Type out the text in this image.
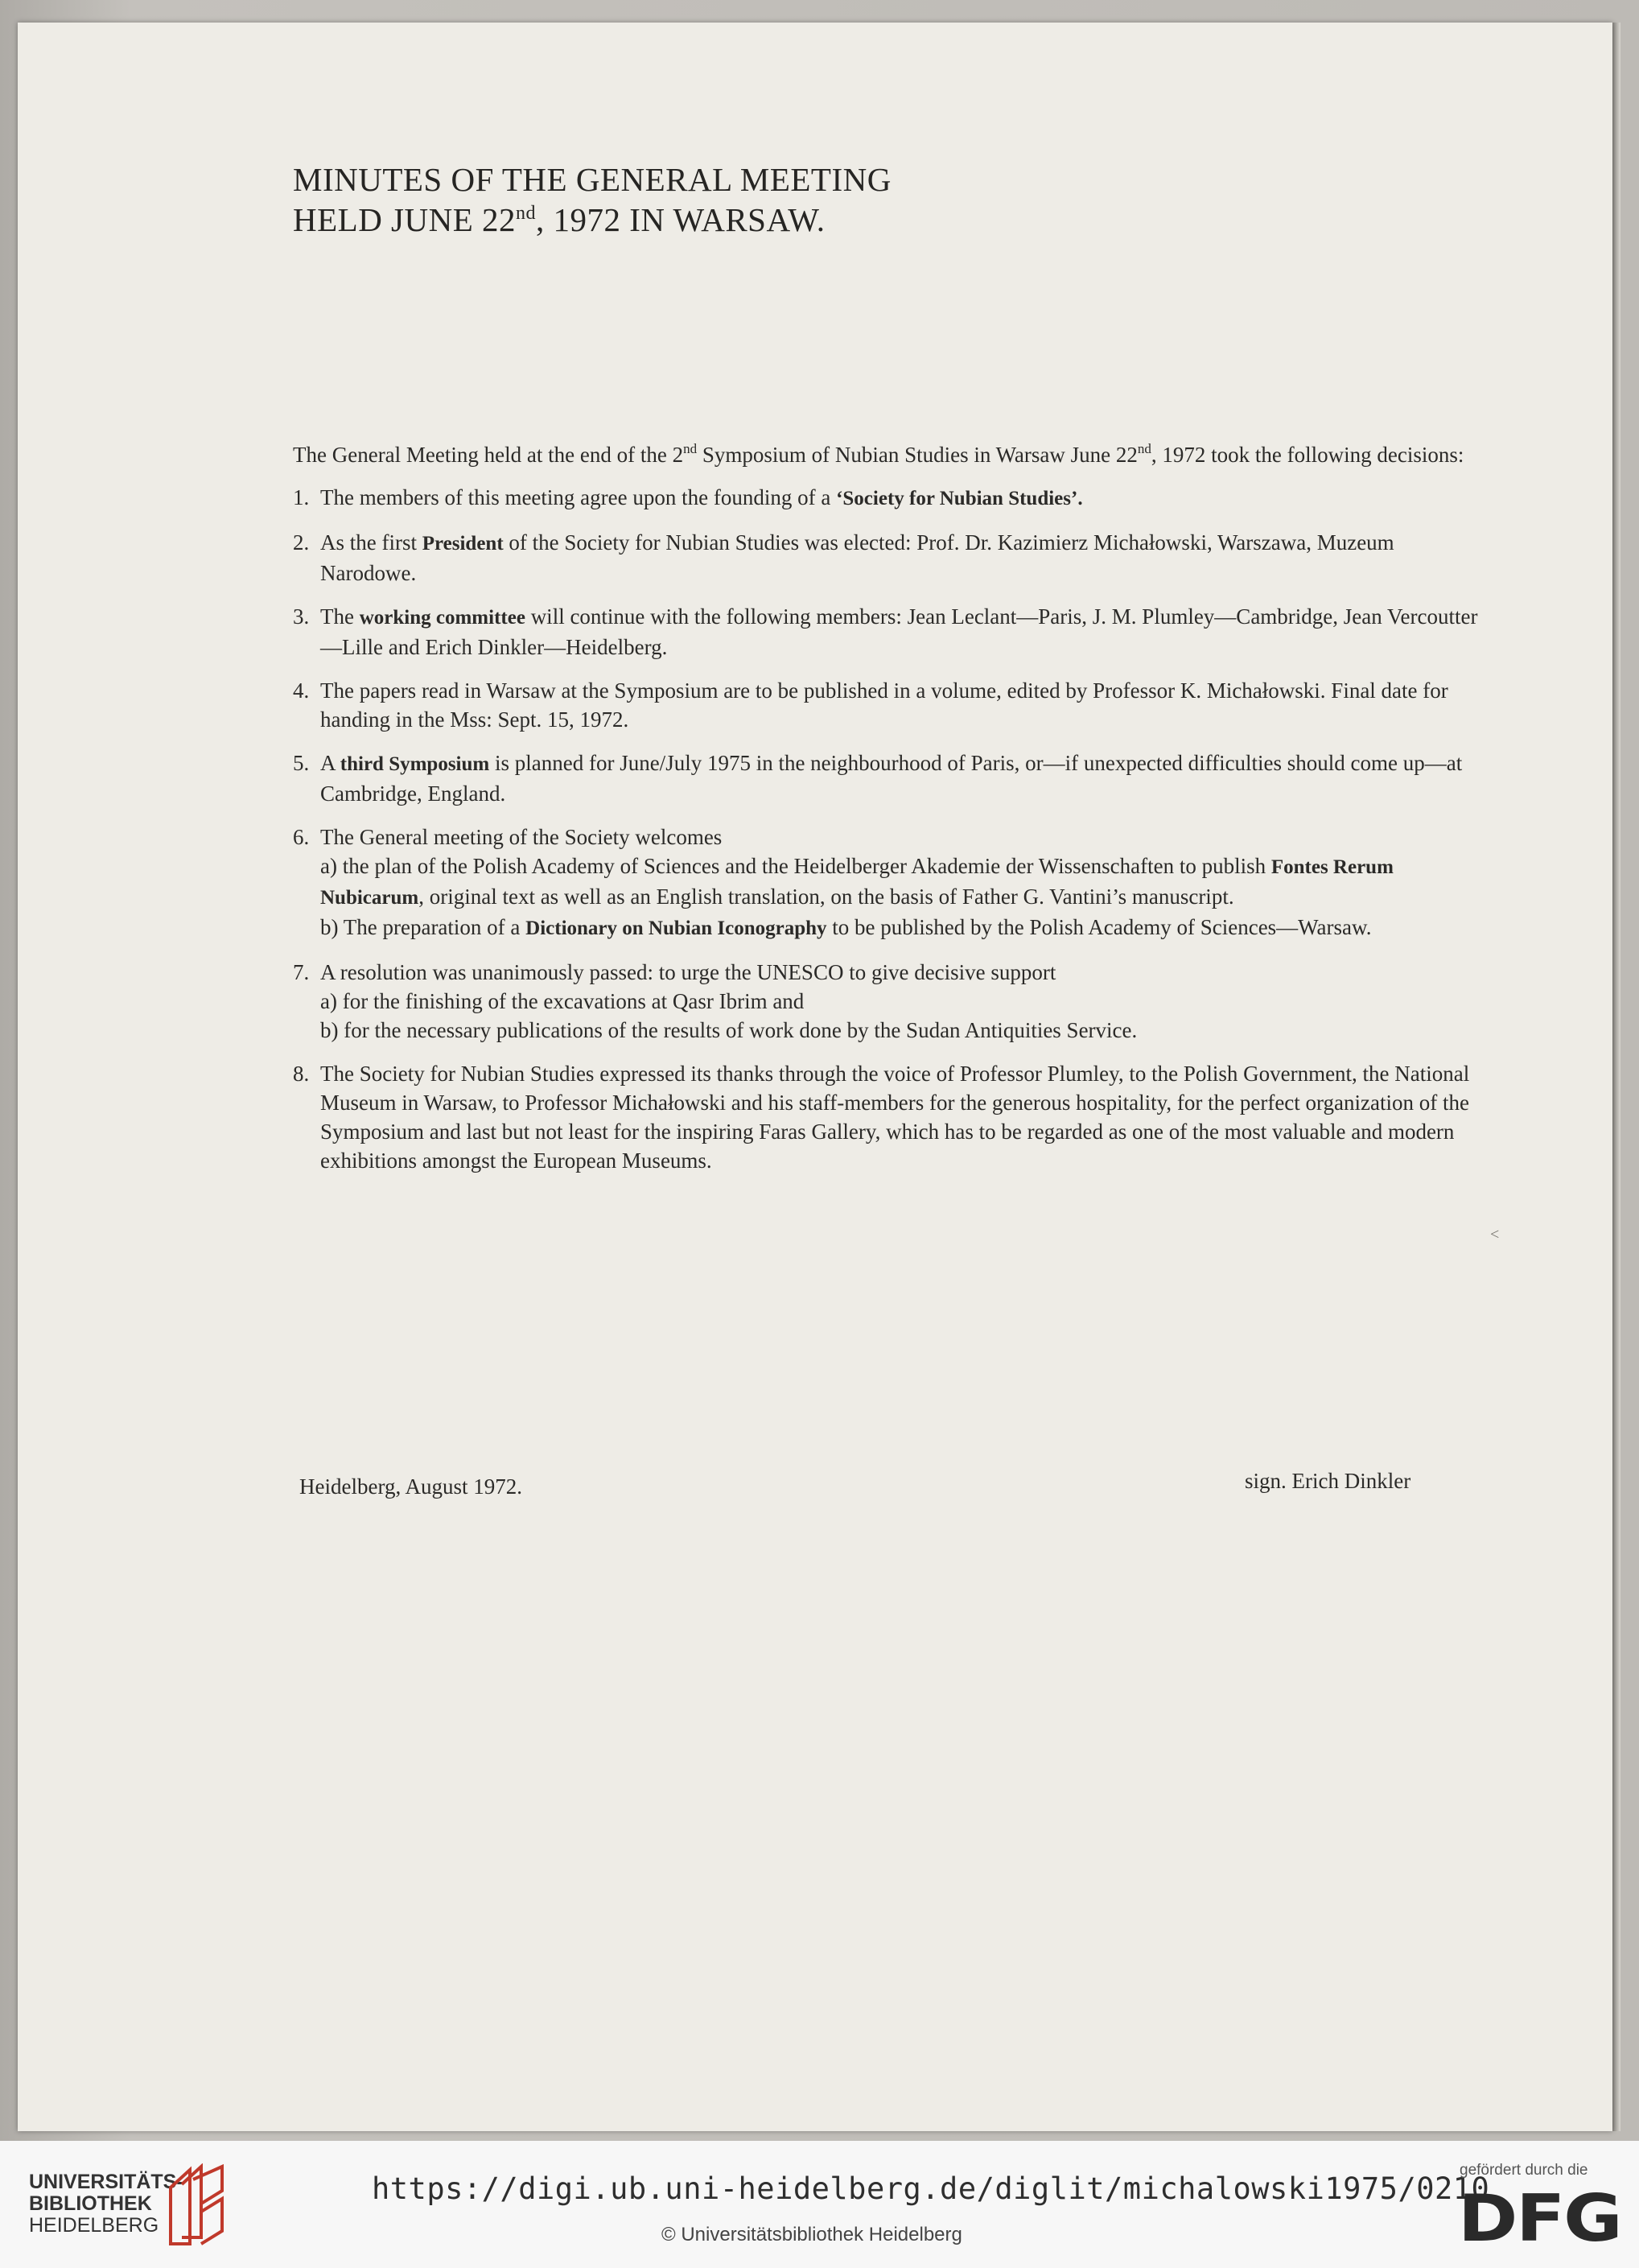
MINUTES OF THE GENERAL MEETING
HELD JUNE 22nd, 1972 IN WARSAW.

The General Meeting held at the end of the 2nd Symposium of Nubian Studies in Warsaw June 22nd, 1972 took the following decisions:

1. The members of this meeting agree upon the founding of a ‘Society for Nubian Studies’.
2. As the first President of the Society for Nubian Studies was elected: Prof. Dr. Kazimierz Michałowski, Warszawa, Muzeum Narodowe.
3. The working committee will continue with the following members: Jean Leclant—Paris, J. M. Plumley—Cambridge, Jean Vercoutter—Lille and Erich Dinkler—Heidelberg.
4. The papers read in Warsaw at the Symposium are to be published in a volume, edited by Professor K. Michałowski. Final date for handing in the Mss: Sept. 15, 1972.
5. A third Symposium is planned for June/July 1975 in the neighbourhood of Paris, or—if unexpected difficulties should come up—at Cambridge, England.
6. The General meeting of the Society welcomes
a) the plan of the Polish Academy of Sciences and the Heidelberger Akademie der Wissenschaften to publish Fontes Rerum Nubicarum, original text as well as an English translation, on the basis of Father G. Vantini’s manuscript.
b) The preparation of a Dictionary on Nubian Iconography to be published by the Polish Academy of Sciences—Warsaw.
7. A resolution was unanimously passed: to urge the UNESCO to give decisive support
a) for the finishing of the excavations at Qasr Ibrim and
b) for the necessary publications of the results of work done by the Sudan Antiquities Service.
8. The Society for Nubian Studies expressed its thanks through the voice of Professor Plumley, to the Polish Government, the National Museum in Warsaw, to Professor Michałowski and his staff-members for the generous hospitality, for the perfect organization of the Symposium and last but not least for the inspiring Faras Gallery, which has to be regarded as one of the most valuable and modern exhibitions amongst the European Museums.
<
Heidelberg, August 1972.	sign. Erich Dinkler
UNIVERSITÄTS-
BIBLIOTHEK
HEIDELBERG
https://digi.ub.uni-heidelberg.de/diglit/michalowski1975/0210
© Universitätsbibliothek Heidelberg
gefördert durch die
DFG
